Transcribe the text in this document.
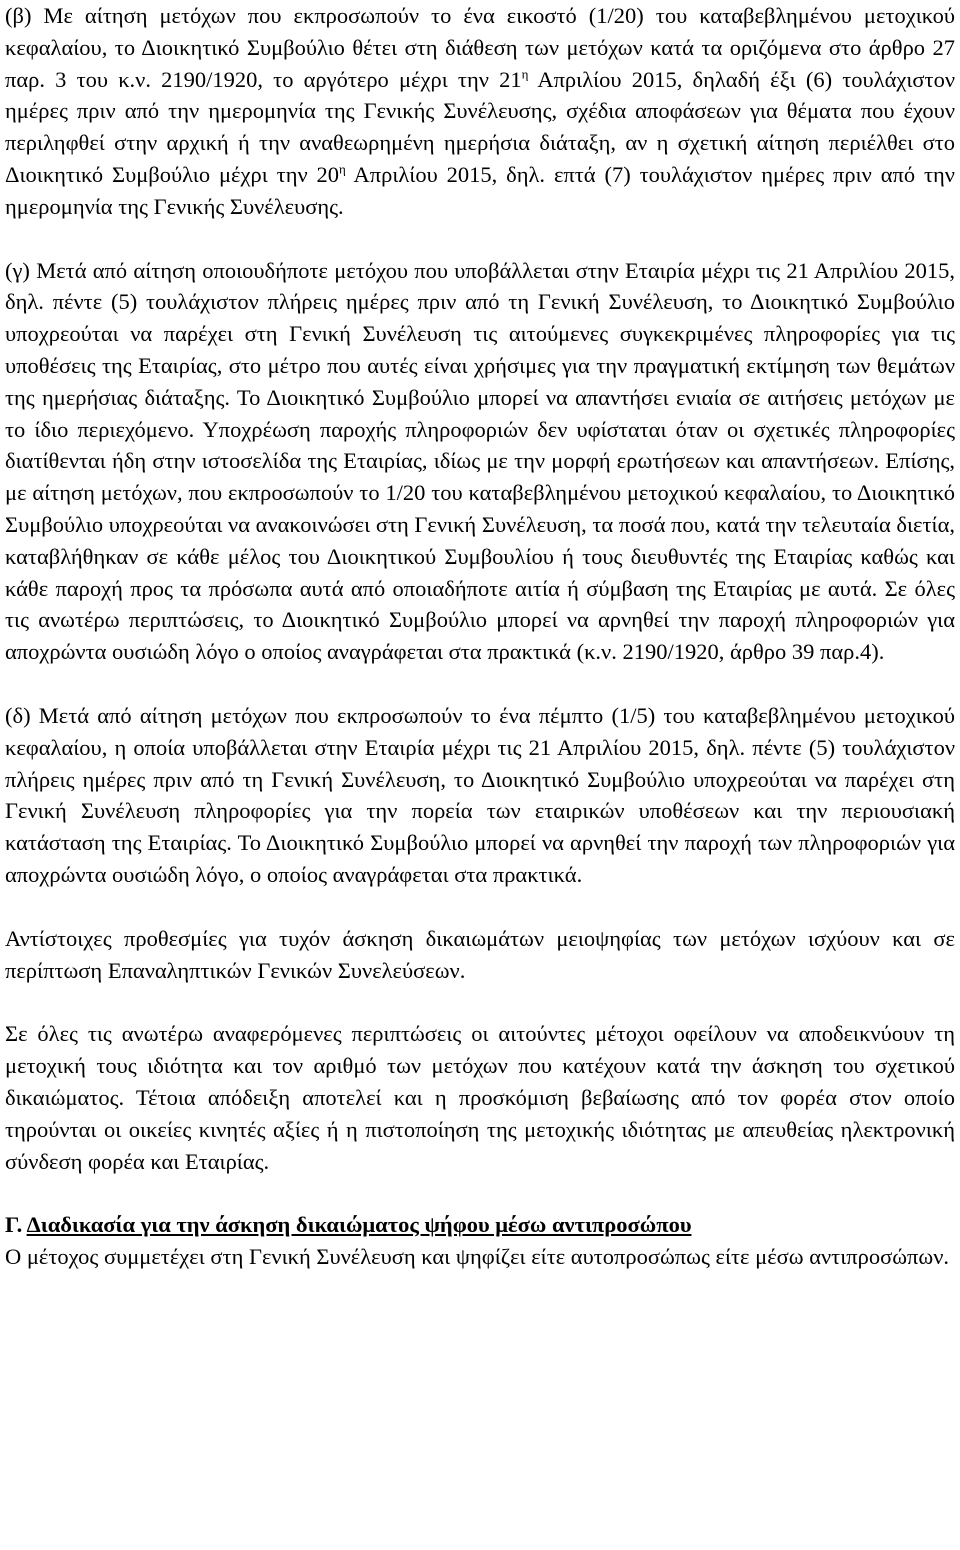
(β) Με αίτηση μετόχων που εκπροσωπούν το ένα εικοστό (1/20) του καταβεβλημένου μετοχικού κεφαλαίου, το Διοικητικό Συμβούλιο θέτει στη διάθεση των μετόχων κατά τα οριζόμενα στο άρθρο 27 παρ. 3 του κ.ν. 2190/1920, το αργότερο μέχρι την $21^\eta$ Απριλίου 2015, δηλαδή έξι (6) τουλάχιστον ημέρες πριν από την ημερομηνία της Γενικής Συνέλευσης, σχέδια αποφάσεων για θέματα που έχουν περιληφθεί στην αρχική ή την αναθεωρημένη ημερήσια διάταξη, αν η σχετική αίτηση περιέλθει στο Διοικητικό Συμβούλιο μέχρι την $20^\eta$ Απριλίου 2015, δηλ. επτά (7) τουλάχιστον ημέρες πριν από την ημερομηνία της Γενικής Συνέλευσης.

(γ) Μετά από αίτηση οποιουδήποτε μετόχου που υποβάλλεται στην Εταιρία μέχρι τις 21 Απριλίου 2015, δηλ. πέντε (5) τουλάχιστον πλήρεις ημέρες πριν από τη Γενική Συνέλευση, το Διοικητικό Συμβούλιο υποχρεούται να παρέχει στη Γενική Συνέλευση τις αιτούμενες συγκεκριμένες πληροφορίες για τις υποθέσεις της Εταιρίας, στο μέτρο που αυτές είναι χρήσιμες για την πραγματική εκτίμηση των θεμάτων της ημερήσιας διάταξης. Το Διοικητικό Συμβούλιο μπορεί να απαντήσει ενιαία σε αιτήσεις μετόχων με το ίδιο περιεχόμενο. Υποχρέωση παροχής πληροφοριών δεν υφίσταται όταν οι σχετικές πληροφορίες διατίθενται ήδη στην ιστοσελίδα της Εταιρίας, ιδίως με την μορφή ερωτήσεων και απαντήσεων. Επίσης, με αίτηση μετόχων, που εκπροσωπούν το 1/20 του καταβεβλημένου μετοχικού κεφαλαίου, το Διοικητικό Συμβούλιο υποχρεούται να ανακοινώσει στη Γενική Συνέλευση, τα ποσά που, κατά την τελευταία διετία, καταβλήθηκαν σε κάθε μέλος του Διοικητικού Συμβουλίου ή τους διευθυντές της Εταιρίας καθώς και κάθε παροχή προς τα πρόσωπα αυτά από οποιαδήποτε αιτία ή σύμβαση της Εταιρίας με αυτά. Σε όλες τις ανωτέρω περιπτώσεις, το Διοικητικό Συμβούλιο μπορεί να αρνηθεί την παροχή πληροφοριών για αποχρώντα ουσιώδη λόγο ο οποίος αναγράφεται στα πρακτικά (κ.ν. 2190/1920, άρθρο 39 παρ.4).

(δ) Μετά από αίτηση μετόχων που εκπροσωπούν το ένα πέμπτο (1/5) του καταβεβλημένου μετοχικού κεφαλαίου, η οποία υποβάλλεται στην Εταιρία μέχρι τις 21 Απριλίου 2015, δηλ. πέντε (5) τουλάχιστον πλήρεις ημέρες πριν από τη Γενική Συνέλευση, το Διοικητικό Συμβούλιο υποχρεούται να παρέχει στη Γενική Συνέλευση πληροφορίες για την πορεία των εταιρικών υποθέσεων και την περιουσιακή κατάσταση της Εταιρίας. Το Διοικητικό Συμβούλιο μπορεί να αρνηθεί την παροχή των πληροφοριών για αποχρώντα ουσιώδη λόγο, ο οποίος αναγράφεται στα πρακτικά.

Αντίστοιχες προθεσμίες για τυχόν άσκηση δικαιωμάτων μειοψηφίας των μετόχων ισχύουν και σε περίπτωση Επαναληπτικών Γενικών Συνελεύσεων.

Σε όλες τις ανωτέρω αναφερόμενες περιπτώσεις οι αιτούντες μέτοχοι οφείλουν να αποδεικνύουν τη μετοχική τους ιδιότητα και τον αριθμό των μετόχων που κατέχουν κατά την άσκηση του σχετικού δικαιώματος. Τέτοια απόδειξη αποτελεί και η προσκόμιση βεβαίωσης από τον φορέα στον οποίο τηρούνται οι οικείες κινητές αξίες ή η πιστοποίηση της μετοχικής ιδιότητας με απευθείας ηλεκτρονική σύνδεση φορέα και Εταιρίας.

Γ. Διαδικασία για την άσκηση δικαιώματος ψήφου μέσω αντιπροσώπου

Ο μέτοχος συμμετέχει στη Γενική Συνέλευση και ψηφίζει είτε αυτοπροσώπως είτε μέσω αντιπροσώπων.
